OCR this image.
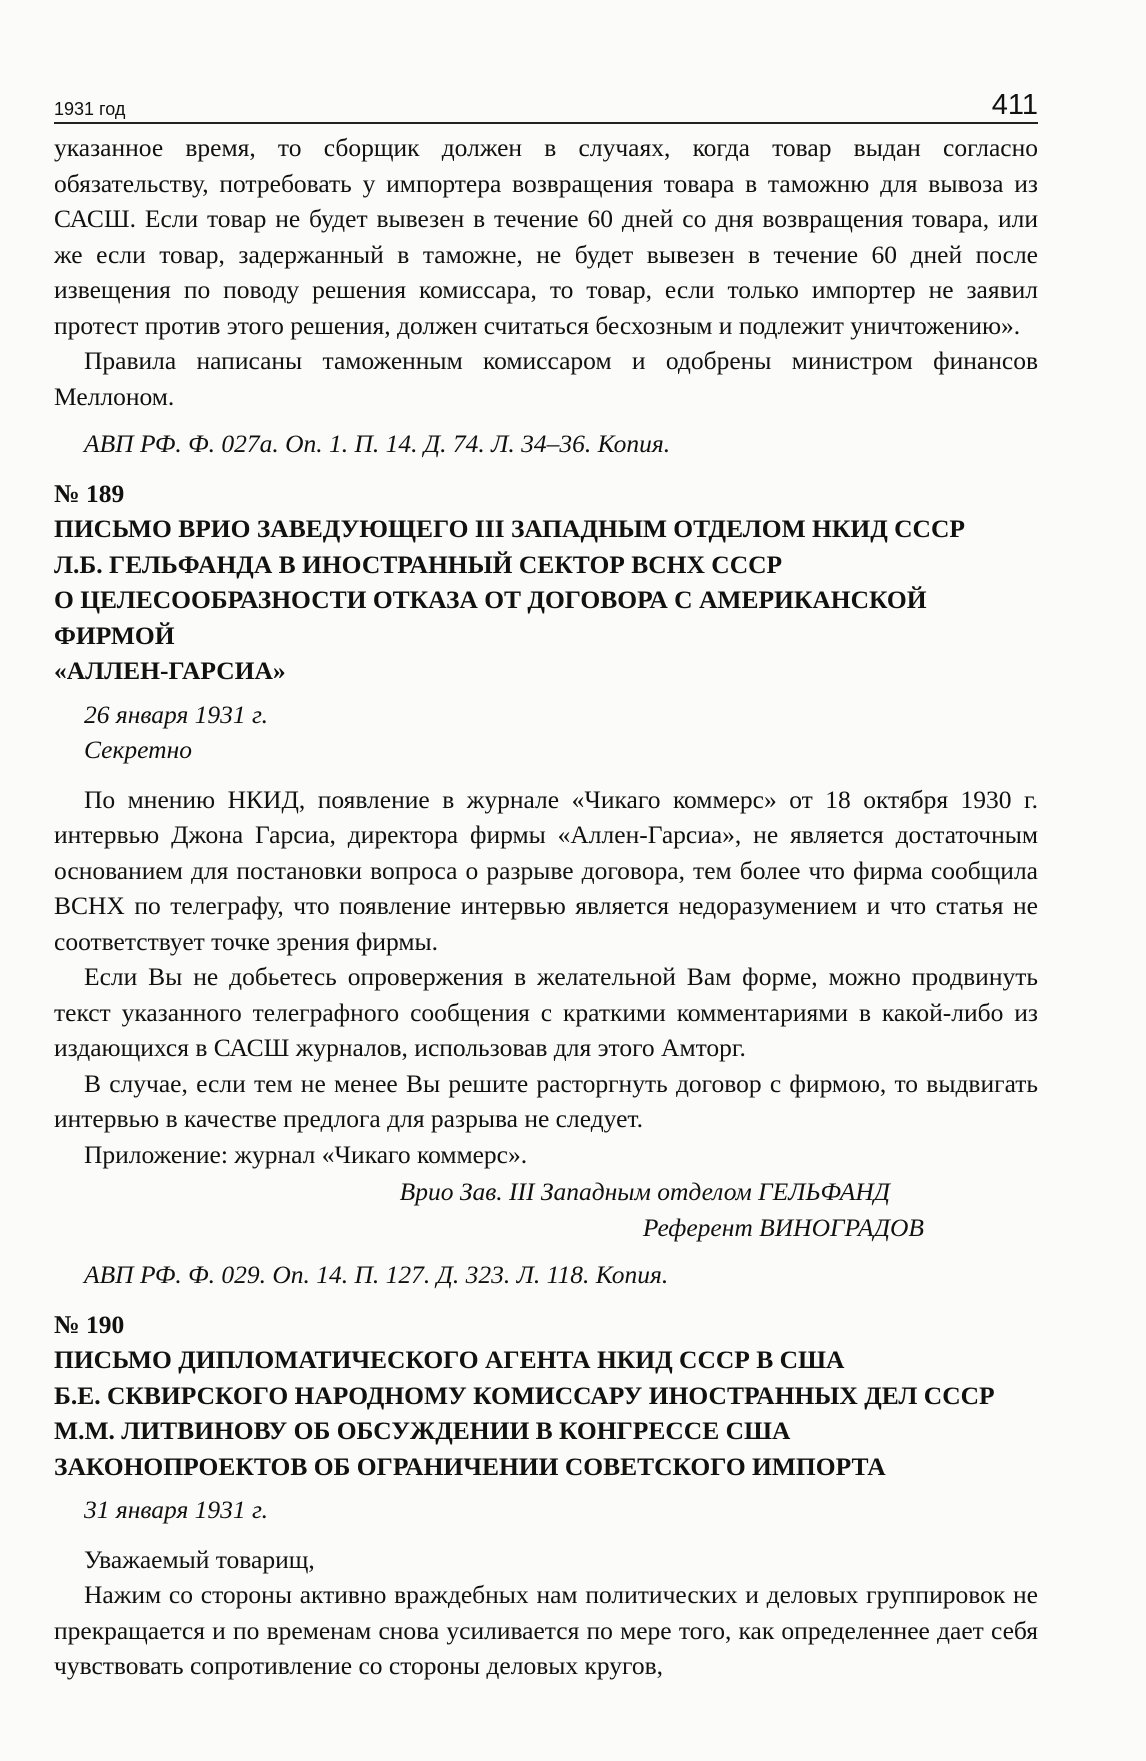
1931 год	411

указанное время, то сборщик должен в случаях, когда товар выдан согласно обязательству, потребовать у импортера возвращения товара в таможню для вывоза из САСШ. Если товар не будет вывезен в течение 60 дней со дня возвращения товара, или же если товар, задержанный в таможне, не будет вывезен в течение 60 дней после извещения по поводу решения комиссара, то товар, если только импортер не заявил протест против этого решения, должен считаться бесхозным и подлежит уничтожению».

Правила написаны таможенным комиссаром и одобрены министром финансов Меллоном.

АВП РФ. Ф. 027а. Оп. 1. П. 14. Д. 74. Л. 34–36. Копия.

№ 189
ПИСЬМО ВРИО ЗАВЕДУЮЩЕГО III ЗАПАДНЫМ ОТДЕЛОМ НКИД СССР
Л.Б. ГЕЛЬФАНДА В ИНОСТРАННЫЙ СЕКТОР ВСНХ СССР
О ЦЕЛЕСООБРАЗНОСТИ ОТКАЗА ОТ ДОГОВОРА С АМЕРИКАНСКОЙ ФИРМОЙ
«АЛЛЕН-ГАРСИА»
26 января 1931 г.
Секретно

По мнению НКИД, появление в журнале «Чикаго коммерс» от 18 октября 1930 г. интервью Джона Гарсиа, директора фирмы «Аллен-Гарсиа», не является достаточным основанием для постановки вопроса о разрыве договора, тем более что фирма сообщила ВСНХ по телеграфу, что появление интервью является недоразумением и что статья не соответствует точке зрения фирмы.

Если Вы не добьетесь опровержения в желательной Вам форме, можно продвинуть текст указанного телеграфного сообщения с краткими комментариями в какой-либо из издающихся в САСШ журналов, использовав для этого Амторг.

В случае, если тем не менее Вы решите расторгнуть договор с фирмою, то выдвигать интервью в качестве предлога для разрыва не следует.

Приложение: журнал «Чикаго коммерс».

Врио Зав. III Западным отделом ГЕЛЬФАНД
Референт ВИНОГРАДОВ

АВП РФ. Ф. 029. Оп. 14. П. 127. Д. 323. Л. 118. Копия.

№ 190
ПИСЬМО ДИПЛОМАТИЧЕСКОГО АГЕНТА НКИД СССР В США
Б.Е. СКВИРСКОГО НАРОДНОМУ КОМИССАРУ ИНОСТРАННЫХ ДЕЛ СССР
М.М. ЛИТВИНОВУ ОБ ОБСУЖДЕНИИ В КОНГРЕССЕ США
ЗАКОНОПРОЕКТОВ ОБ ОГРАНИЧЕНИИ СОВЕТСКОГО ИМПОРТА
31 января 1931 г.

Уважаемый товарищ,

Нажим со стороны активно враждебных нам политических и деловых группировок не прекращается и по временам снова усиливается по мере того, как определеннее дает себя чувствовать сопротивление со стороны деловых кругов,
